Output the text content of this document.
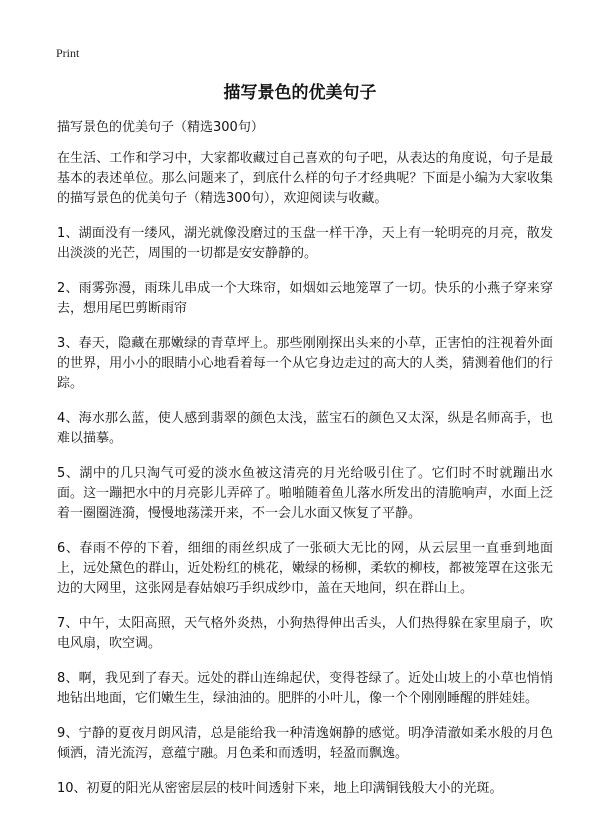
Print
描写景色的优美句子

描写景色的优美句子（精选300句）

在生活、工作和学习中，大家都收藏过自己喜欢的句子吧，从表达的角度说，句子是最基本的表述单位。那么问题来了，到底什么样的句子才经典呢？下面是小编为大家收集的描写景色的优美句子（精选300句），欢迎阅读与收藏。

1、湖面没有一缕风，湖光就像没磨过的玉盘一样干净，天上有一轮明亮的月亮，散发出淡淡的光芒，周围的一切都是安安静静的。

2、雨雾弥漫，雨珠儿串成一个大珠帘，如烟如云地笼罩了一切。快乐的小燕子穿来穿去，想用尾巴剪断雨帘

3、春天，隐藏在那嫩绿的青草坪上。那些刚刚探出头来的小草，正害怕的注视着外面的世界，用小小的眼睛小心地看着每一个从它身边走过的高大的人类，猜测着他们的行踪。

4、海水那么蓝，使人感到翡翠的颜色太浅，蓝宝石的颜色又太深，纵是名师高手，也难以描摹。

5、湖中的几只淘气可爱的淡水鱼被这清亮的月光给吸引住了。它们时不时就蹦出水面。这一蹦把水中的月亮影儿弄碎了。啪啪随着鱼儿落水所发出的清脆响声，水面上泛着一圈圈涟漪，慢慢地荡漾开来，不一会儿水面又恢复了平静。

6、春雨不停的下着，细细的雨丝织成了一张硕大无比的网，从云层里一直垂到地面上，远处黛色的群山，近处粉红的桃花，嫩绿的杨柳，柔软的柳枝，都被笼罩在这张无边的大网里，这张网是春姑娘巧手织成纱巾，盖在天地间，织在群山上。

7、中午，太阳高照，天气格外炎热，小狗热得伸出舌头，人们热得躲在家里扇子，吹电风扇，吹空调。

8、啊，我见到了春天。远处的群山连绵起伏，变得苍绿了。近处山坡上的小草也悄悄地钻出地面，它们嫩生生，绿油油的。肥胖的小叶儿，像一个个刚刚睡醒的胖娃娃。

9、宁静的夏夜月朗风清，总是能给我一种清逸娴静的感觉。明净清澈如柔水般的月色倾洒，清光流泻，意蕴宁融。月色柔和而透明，轻盈而飘逸。

10、初夏的阳光从密密层层的枝叶间透射下来，地上印满铜钱般大小的光斑。
